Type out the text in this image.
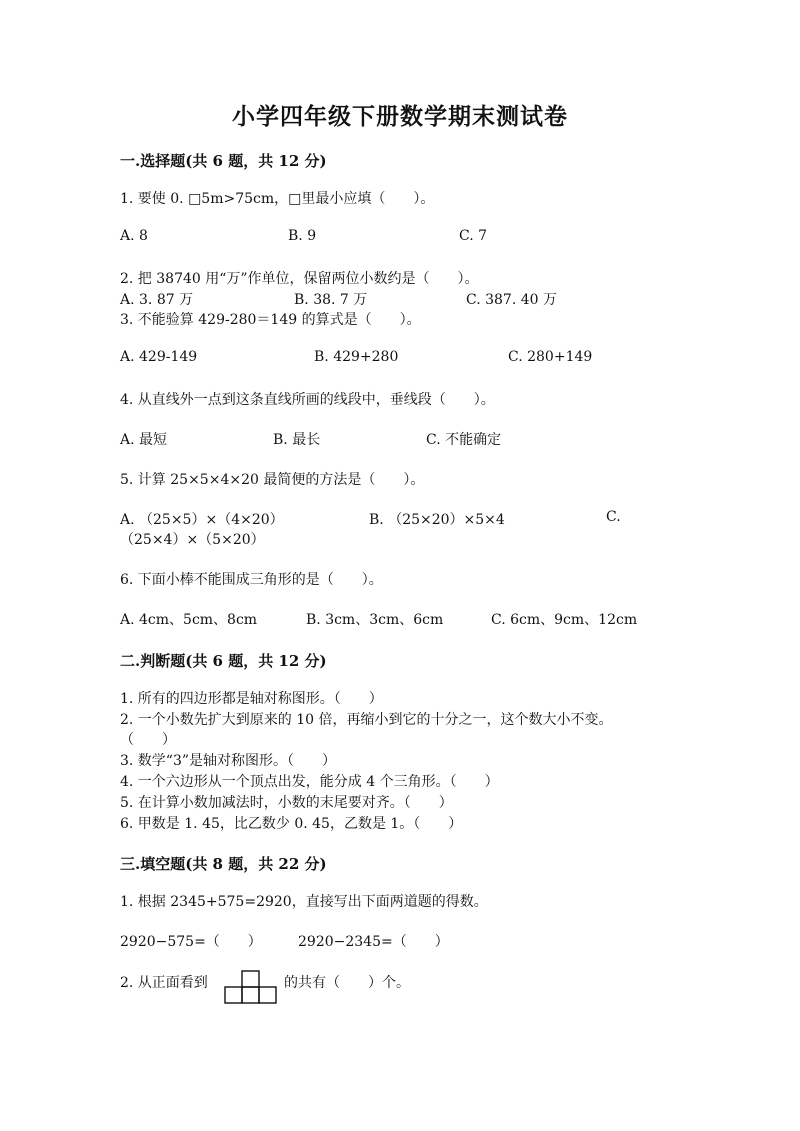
小学四年级下册数学期末测试卷
一.选择题(共 6 题，共 12 分)
1. 要使 0. □5m>75cm，□里最小应填（　　）。
A. 8	B. 9	C. 7
2. 把 38740 用“万”作单位，保留两位小数约是（　　）。
A. 3. 87 万	B. 38. 7 万	C. 387. 40 万
3. 不能验算 429-280＝149 的算式是（　　）。
A. 429-149	B. 429+280	C. 280+149
4. 从直线外一点到这条直线所画的线段中，垂线段（　　）。
A. 最短	B. 最长	C. 不能确定
5. 计算 25×5×4×20 最简便的方法是（　　）。
A. （25×5）×（4×20）	B. （25×20）×5×4	C.
（25×4）×（5×20）
6. 下面小棒不能围成三角形的是（　　）。
A. 4cm、5cm、8cm	B. 3cm、3cm、6cm	C. 6cm、9cm、12cm
二.判断题(共 6 题，共 12 分)
1. 所有的四边形都是轴对称图形。（　　）
2. 一个小数先扩大到原来的 10 倍，再缩小到它的十分之一，这个数大小不变。
（　　）
3. 数学“3”是轴对称图形。（　　）
4. 一个六边形从一个顶点出发，能分成 4 个三角形。（　　）
5. 在计算小数加减法时，小数的末尾要对齐。（　　）
6. 甲数是 1. 45，比乙数少 0. 45，乙数是 1。（　　）
三.填空题(共 8 题，共 22 分)
1. 根据 2345+575=2920，直接写出下面两道题的得数。
2920−575=（　　）	2920−2345=（　　）
2. 从正面看到	的共有（　　）个。
